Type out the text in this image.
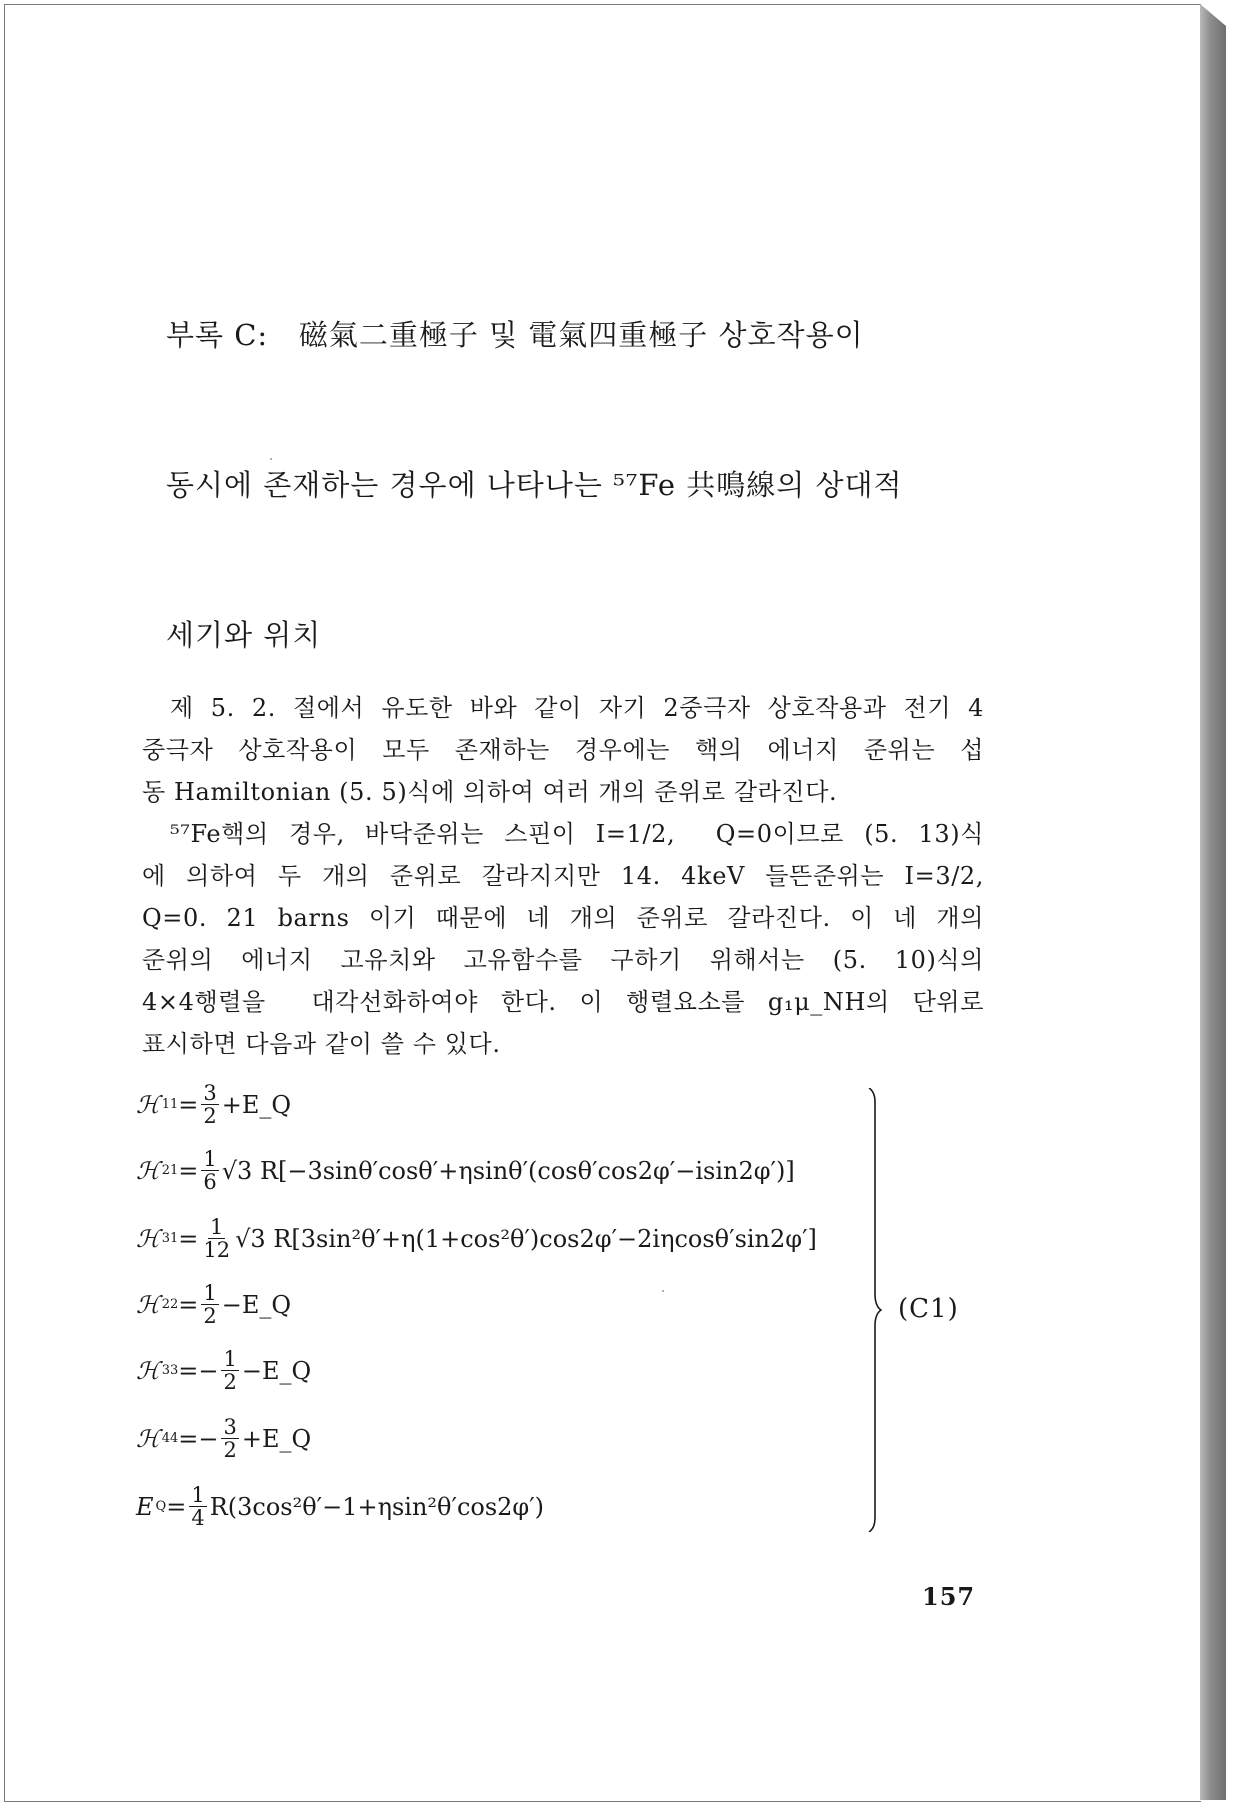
부록 C:   磁氣二重極子 및 電氣四重極子 상호작용이

동시에 존재하는 경우에 나타나는 ⁵⁷Fe 共鳴線의 상대적

세기와 위치

제 5. 2. 절에서 유도한 바와 같이 자기 2중극자 상호작용과 전기 4
중극자 상호작용이 모두 존재하는 경우에는 핵의 에너지 준위는 섭
동 Hamiltonian (5. 5)식에 의하여 여러 개의 준위로 갈라진다.
⁵⁷Fe핵의 경우, 바닥준위는 스핀이 I=1/2,  Q=0이므로 (5. 13)식
에 의하여 두 개의 준위로 갈라지지만 14. 4keV 들뜬준위는 I=3/2,
Q=0. 21 barns 이기 때문에 네 개의 준위로 갈라진다. 이 네 개의
준위의 에너지 고유치와 고유함수를 구하기 위해서는 (5. 10)식의
4×4행렬을  대각선화하여야 한다. 이 행렬요소를 g₁μ_NH의 단위로
표시하면 다음과 같이 쓸 수 있다.
ℋ $11 = \frac{3}{2}$ +E_Q
ℋ $21 = \frac{1}{6} √3$ R[−3sinθ′cosθ′+ηsinθ′(cosθ′cos2φ′−isin2φ′)]
ℋ $31 = \frac{1}{12} √3$ R[3sin²θ′+η(1+cos²θ′)cos2φ′−2iηcosθ′sin2φ′]
ℋ $22 = \frac{1}{2}$ −E_Q
ℋ 33 = − $\frac{1}{2}$ −E_Q
ℋ 44 = − $\frac{3}{2}$ +E_Q
E $Q = \frac{1}{4} R(3\cos^2\theta'-1+\eta\sin^2\theta'\cos 2\varphi')$
(C1)
157
